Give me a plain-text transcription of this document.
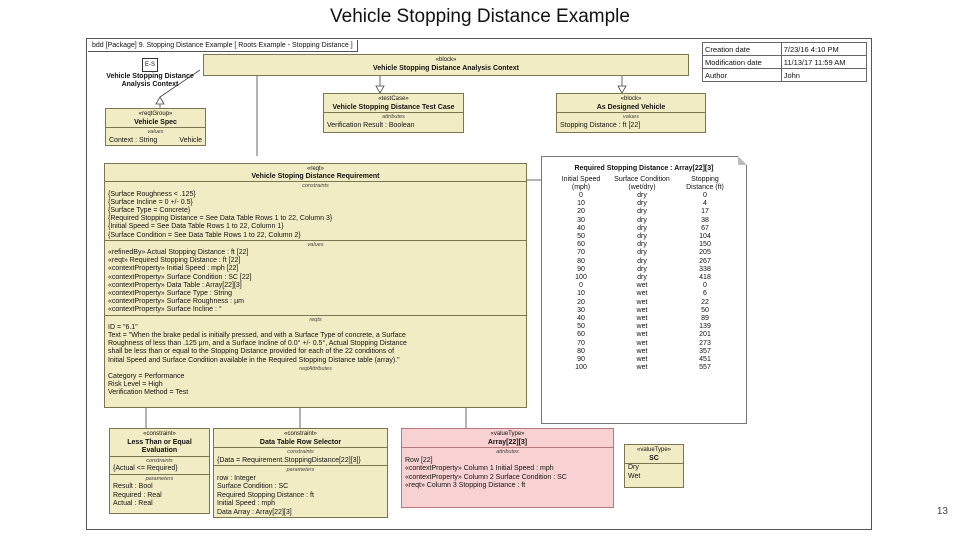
Vehicle Stopping Distance Example
bdd [Package] 9. Stopping Distance Example [ Roots Example - Stopping Distance ]	Creation date	7/23/16 4:10 PM
Modification date	11/13/17 11:59 AM
Author	John
E-S
Vehicle Stopping Distance Analysis Context
«block»
Vehicle Stopping Distance Analysis Context
«reqtGroup»
Vehicle Spec
values
Context : String	Vehicle
«testCase»
Vehicle Stopping Distance Test Case
attributes
Verification Result : Boolean
«block»
As Designed Vehicle
values
Stopping Distance : ft [22]
«reqt»
Vehicle Stoping Distance Requirement
constraints
{Surface Roughness < .125}
{Surface Incline = 0 +/- 0.5}
{Surface Type = Concrete}
{Required Stopping Distance = See Data Table Rows 1 to 22, Column 3}
{Initial Speed = See Data Table Rows 1 to 22, Column 1}
{Surface Condition = See Data Table Rows 1 to 22, Column 2}
values
«refinedBy» Actual Stopping Distance : ft [22]
«reqt» Required Stopping Distance : ft [22]
«contextProperty» Initial Speed : mph [22]
«contextProperty» Surface Condition : SC [22]
«contextProperty» Data Table : Array[22][3]
«contextProperty» Surface Type : String
«contextProperty» Surface Roughness : µm
«contextProperty» Surface Incline : °
reqts
ID = "6.1"
Text = "When the brake pedal is initially pressed, and with a Surface Type of concrete, a Surface
Roughness of less than .125 µm, and a Surface Incline of 0.0° +/- 0.5°, Actual Stopping Distance
shall be less than or equal to the Stopping Distance provided for each of the 22 conditions of
Initial Speed and Surface Condition available in the Required Stopping Distance table (array)."
reqtAttributes
Category = Performance
Risk Level = High
Verification Method = Test
Required Stopping Distance : Array[22][3]
Initial Speed (mph)	Surface Condition (wet/dry)	Stopping Distance (ft)
0	dry	0
10	dry	4
20	dry	17
30	dry	38
40	dry	67
50	dry	104
60	dry	150
70	dry	205
80	dry	267
90	dry	338
100	dry	418
0	wet	0
10	wet	6
20	wet	22
30	wet	50
40	wet	89
50	wet	139
60	wet	201
70	wet	273
80	wet	357
90	wet	451
100	wet	557
«constraint»
Less Than or Equal Evaluation
constraints
{Actual <= Required}
parameters
Result : Bool
Required : Real
Actual : Real
«constraint»
Data Table Row Selector
constraints
{Data = Requirement.StoppingDistance[22][3]}
parameters
row : Integer
Surface Condition : SC
Required Stopping Distance : ft
Initial Speed : mph
Data Array : Array[22][3]
«valueType»
Array[22][3]
attributes
Row [22]
«contextProperty» Column 1 Initial Speed : mph
«contextProperty» Column 2 Surface Condition : SC
«reqt» Column 3 Stopping Distance : ft
«valueType»
SC
Dry
Wet
13
